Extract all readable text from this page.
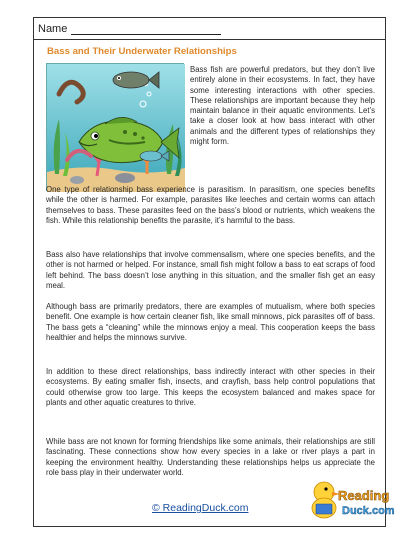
Name
Bass and Their Underwater Relationships
Bass fish are powerful predators, but they don’t live entirely alone in their ecosystems. In fact, they have some interesting interactions with other species. These relationships are important because they help maintain balance in their aquatic environments. Let’s take a closer look at how bass interact with other animals and the different types of relationships they might form.
One type of relationship bass experience is parasitism. In parasitism, one species benefits while the other is harmed. For example, parasites like leeches and certain worms can attach themselves to bass. These parasites feed on the bass’s blood or nutrients, which weakens the fish. While this relationship benefits the parasite, it’s harmful to the bass.
Bass also have relationships that involve commensalism, where one species benefits, and the other is not harmed or helped. For instance, small fish might follow a bass to eat scraps of food left behind. The bass doesn’t lose anything in this situation, and the smaller fish get an easy meal.
Although bass are primarily predators, there are examples of mutualism, where both species benefit. One example is how certain cleaner fish, like small minnows, pick parasites off of bass. The bass gets a “cleaning” while the minnows enjoy a meal. This cooperation keeps the bass healthier and helps the minnows survive.
In addition to these direct relationships, bass indirectly interact with other species in their ecosystems. By eating smaller fish, insects, and crayfish, bass help control populations that could otherwise grow too large. This keeps the ecosystem balanced and makes space for plants and other aquatic creatures to thrive.
While bass are not known for forming friendships like some animals, their relationships are still fascinating. These connections show how every species in a lake or river plays a part in keeping the environment healthy. Understanding these relationships helps us appreciate the role bass play in their underwater world.
© ReadingDuck.com
Reading
Duck.com
